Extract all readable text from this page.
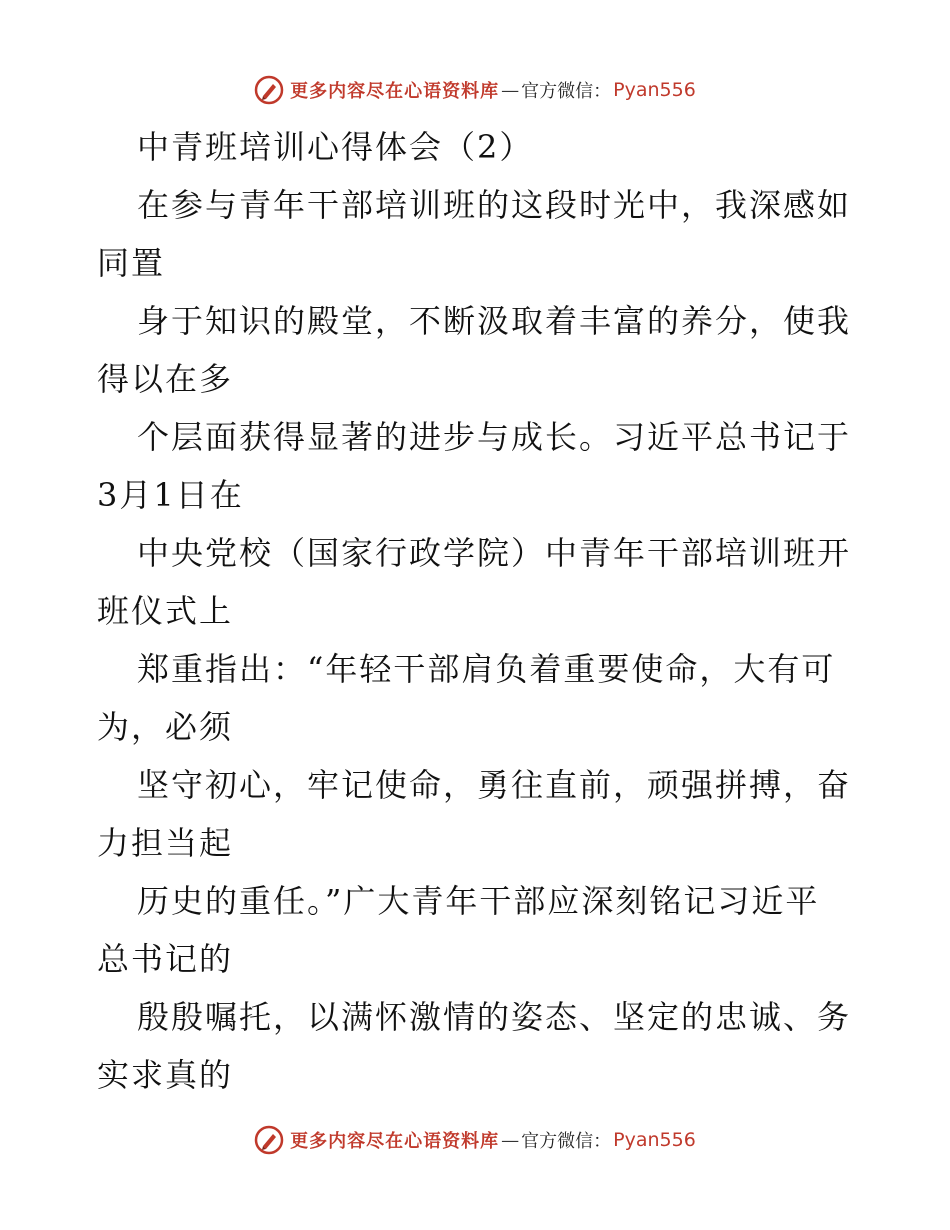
更多内容尽在心语资料库 — 官方微信： Pyan556
中青班培训心得体会（2）
在参与青年干部培训班的这段时光中，我深感如
同置
身于知识的殿堂，不断汲取着丰富的养分，使我
得以在多
个层面获得显著的进步与成长。习近平总书记于
3月1日在
中央党校（国家行政学院）中青年干部培训班开
班仪式上
郑重指出：“年轻干部肩负着重要使命，大有可
为，必须
坚守初心，牢记使命，勇往直前，顽强拼搏，奋
力担当起
历史的重任。”广大青年干部应深刻铭记习近平
总书记的
殷殷嘱托，以满怀激情的姿态、坚定的忠诚、务
实求真的
更多内容尽在心语资料库 — 官方微信： Pyan556
